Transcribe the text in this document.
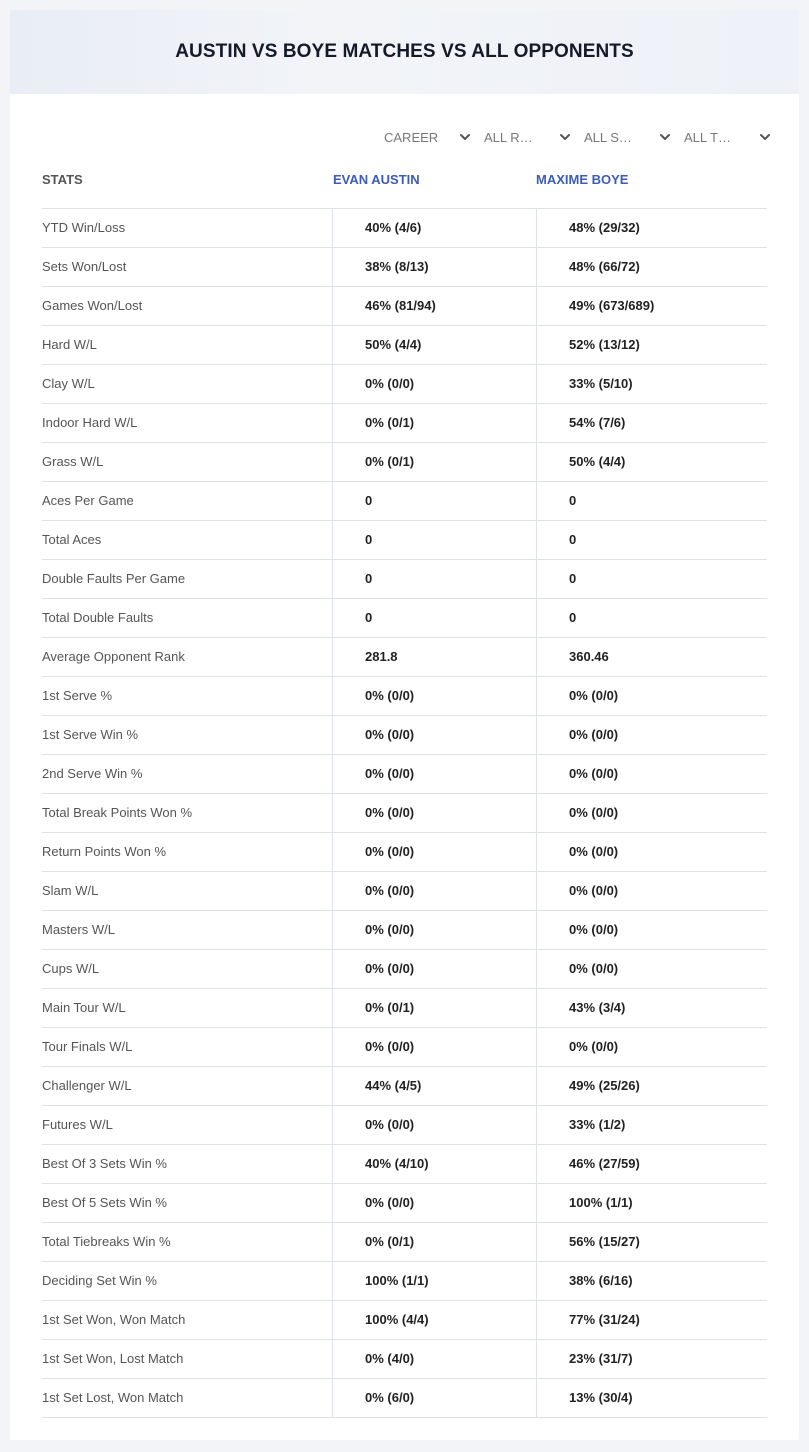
AUSTIN VS BOYE MATCHES VS ALL OPPONENTS
CAREER	ALL R…	ALL S…	ALL T…
STATS	EVAN AUSTIN	MAXIME BOYE
YTD Win/Loss	40% (4/6)	48% (29/32)
Sets Won/Lost	38% (8/13)	48% (66/72)
Games Won/Lost	46% (81/94)	49% (673/689)
Hard W/L	50% (4/4)	52% (13/12)
Clay W/L	0% (0/0)	33% (5/10)
Indoor Hard W/L	0% (0/1)	54% (7/6)
Grass W/L	0% (0/1)	50% (4/4)
Aces Per Game	0	0
Total Aces	0	0
Double Faults Per Game	0	0
Total Double Faults	0	0
Average Opponent Rank	281.8	360.46
1st Serve %	0% (0/0)	0% (0/0)
1st Serve Win %	0% (0/0)	0% (0/0)
2nd Serve Win %	0% (0/0)	0% (0/0)
Total Break Points Won %	0% (0/0)	0% (0/0)
Return Points Won %	0% (0/0)	0% (0/0)
Slam W/L	0% (0/0)	0% (0/0)
Masters W/L	0% (0/0)	0% (0/0)
Cups W/L	0% (0/0)	0% (0/0)
Main Tour W/L	0% (0/1)	43% (3/4)
Tour Finals W/L	0% (0/0)	0% (0/0)
Challenger W/L	44% (4/5)	49% (25/26)
Futures W/L	0% (0/0)	33% (1/2)
Best Of 3 Sets Win %	40% (4/10)	46% (27/59)
Best Of 5 Sets Win %	0% (0/0)	100% (1/1)
Total Tiebreaks Win %	0% (0/1)	56% (15/27)
Deciding Set Win %	100% (1/1)	38% (6/16)
1st Set Won, Won Match	100% (4/4)	77% (31/24)
1st Set Won, Lost Match	0% (4/0)	23% (31/7)
1st Set Lost, Won Match	0% (6/0)	13% (30/4)
